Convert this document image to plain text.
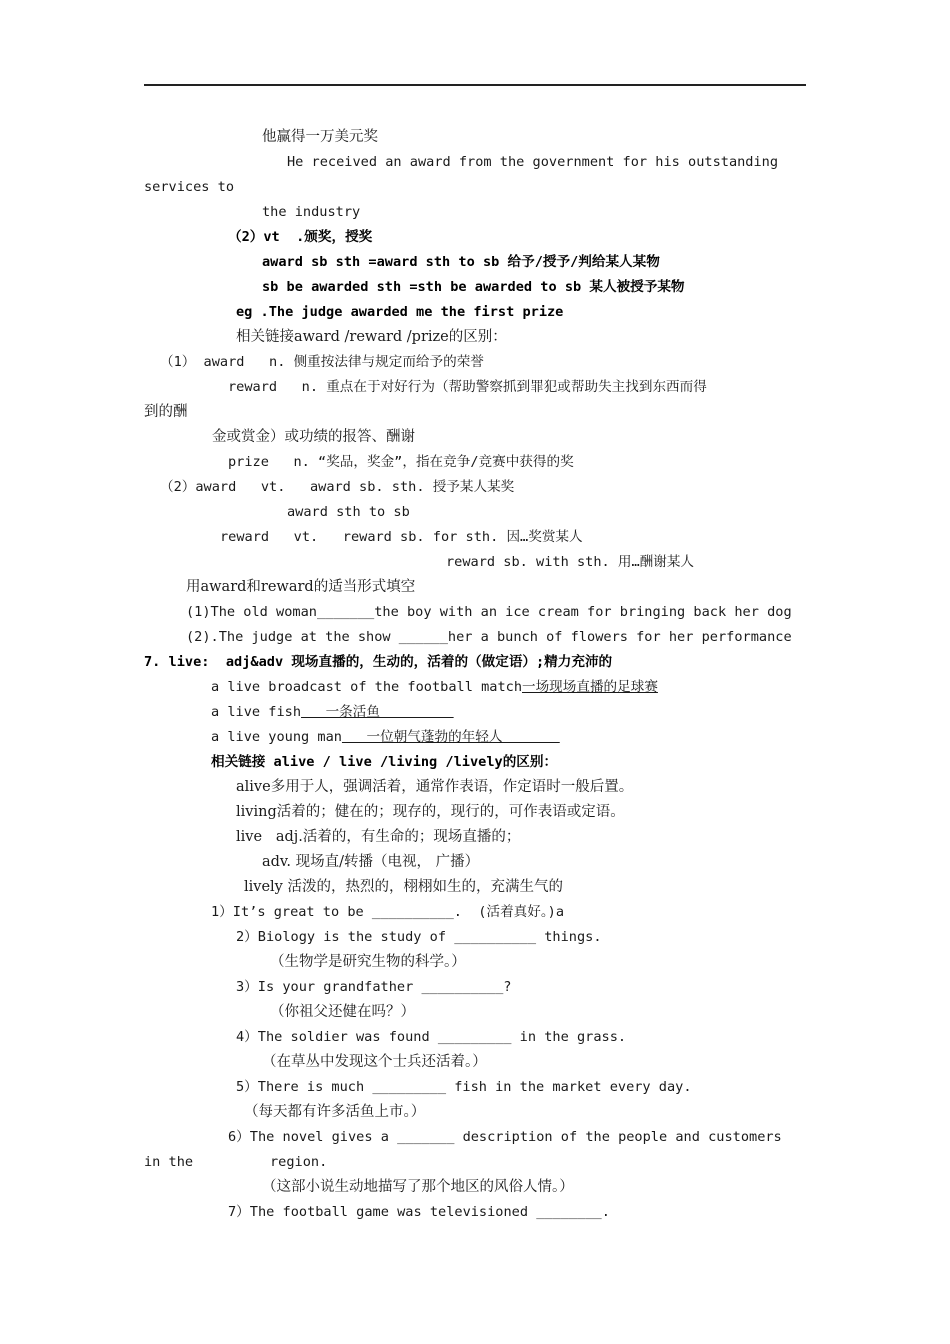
他赢得一万美元奖
He received an award from the government for his outstanding
services to
the industry
（2）vt  .颁奖，授奖
award sb sth =award sth to sb 给予/授予/判给某人某物
sb be awarded sth =sth be awarded to sb 某人被授予某物
eg .The judge awarded me the first prize
相关链接award /reward /prize的区别：
（1） award   n. 侧重按法律与规定而给予的荣誉
reward   n. 重点在于对好行为（帮助警察抓到罪犯或帮助失主找到东西而得
到的酬
金或赏金）或功绩的报答、酬谢
prize   n. “奖品，奖金”，指在竞争/竞赛中获得的奖
（2）award   vt.   award sb. sth. 授予某人某奖
award sth to sb
reward   vt.   reward sb. for sth. 因…奖赏某人
reward sb. with sth. 用…酬谢某人
用award和reward的适当形式填空
(1)The old woman_______the boy with an ice cream for bringing back her dog
(2).The judge at the show ______her a bunch of flowers for her performance
7. live:  adj&adv 现场直播的，生动的，活着的（做定语）;精力充沛的
a live broadcast of the football match一场现场直播的足球赛
a live fish   一条活鱼
a live young man   一位朝气蓬勃的年轻人
相关链接 alive / live /living /lively的区别：
alive多用于人，强调活着，通常作表语，作定语时一般后置。
living活着的；健在的；现存的，现行的，可作表语或定语。
live   adj.活着的，有生命的；现场直播的；
adv. 现场直/转播（电视， 广播）
lively 活泼的，热烈的，栩栩如生的，充满生气的
1）It’s great to be __________.  (活着真好。)a
2）Biology is the study of __________ things.
（生物学是研究生物的科学。）
3）Is your grandfather __________?
（你祖父还健在吗？）
4）The soldier was found _________ in the grass.
（在草丛中发现这个士兵还活着。）
5）There is much _________ fish in the market every day.
（每天都有许多活鱼上市。）
6）The novel gives a _______ description of the people and customers
in the	region.
（这部小说生动地描写了那个地区的风俗人情。）
7）The football game was televisioned ________.
